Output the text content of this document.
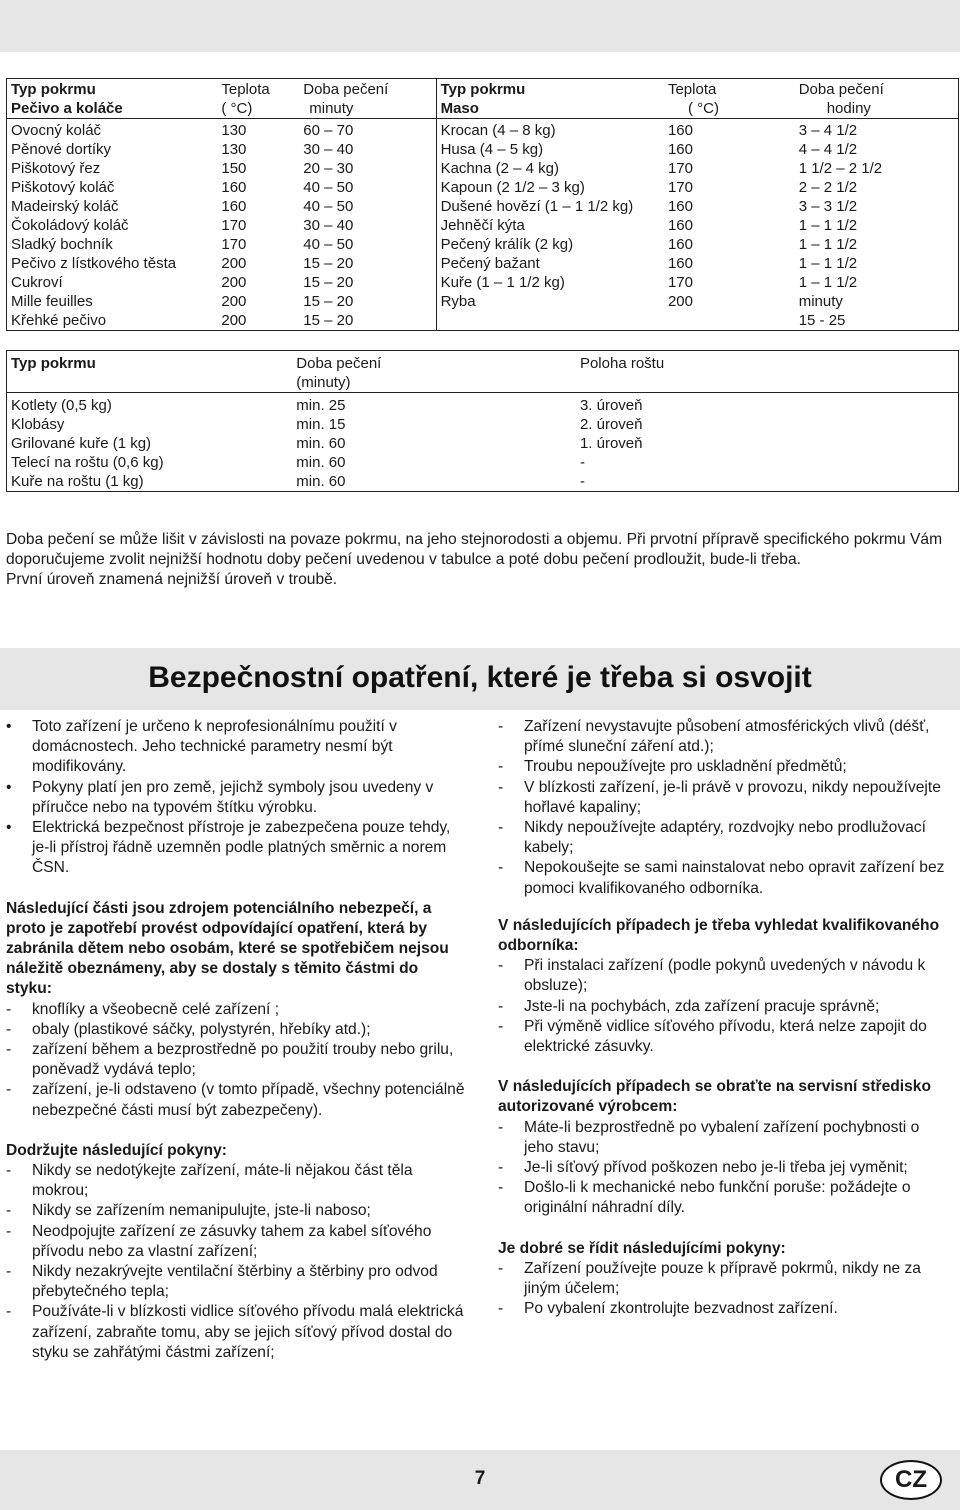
Typ pokrmu	Teplota	Doba pečení	Typ pokrmu	Teplota	Doba pečení
Pečivo a koláče	( °C)	minuty	Maso	( °C)	hodiny
Ovocný koláč	130	60 – 70	Krocan (4 – 8 kg)	160	3 – 4 1/2
Pěnové dortíky	130	30 – 40	Husa (4 – 5 kg)	160	4 – 4 1/2
Piškotový řez	150	20 – 30	Kachna (2 – 4 kg)	170	1 1/2 – 2 1/2
Piškotový koláč	160	40 – 50	Kapoun (2 1/2 – 3 kg)	170	2 – 2 1/2
Madeirský koláč	160	40 – 50	Dušené hovězí (1 – 1 1/2 kg)	160	3 – 3 1/2
Čokoládový koláč	170	30 – 40	Jehněčí kýta	160	1 – 1 1/2
Sladký bochník	170	40 – 50	Pečený králík (2 kg)	160	1 – 1 1/2
Pečivo z lístkového těsta	200	15 – 20	Pečený bažant	160	1 – 1 1/2
Cukroví	200	15 – 20	Kuře (1 – 1 1/2 kg)	170	1 – 1 1/2
Mille feuilles	200	15 – 20	Ryba	200	minuty
Křehké pečivo	200	15 – 20			15 - 25
Typ pokrmu	Doba pečení	Poloha roštu
	(minuty)	
Kotlety (0,5 kg)	min. 25	3. úroveň
Klobásy	min. 15	2. úroveň
Grilované kuře (1 kg)	min. 60	1. úroveň
Telecí na roštu (0,6 kg)	min. 60	-
Kuře na roštu (1 kg)	min. 60	-

Doba pečení se může lišit v závislosti na povaze pokrmu, na jeho stejnorodosti a objemu. Při prvotní přípravě specifického pokrmu Vám doporučujeme zvolit nejnižší hodnotu doby pečení uvedenou v tabulce a poté dobu pečení prodloužit, bude-li třeba.

První úroveň znamená nejnižší úroveň v troubě.

Bezpečnostní opatření, které je třeba si osvojit
•	Toto zařízení je určeno k neprofesionálnímu použití v domácnostech. Jeho technické parametry nesmí být modifikovány.
•	Pokyny platí jen pro země, jejichž symboly jsou uvedeny v příručce nebo na typovém štítku výrobku.
•	Elektrická bezpečnost přístroje je zabezpečena pouze tehdy, je-li přístroj řádně uzemněn podle platných směrnic a norem ČSN.

Následující části jsou zdrojem potenciálního nebezpečí, a proto je zapotřebí provést odpovídající opatření, která by zabránila dětem nebo osobám, které se spotřebičem nejsou náležitě obeznámeny, aby se dostaly s těmito částmi do styku:

-	knoflíky a všeobecně celé zařízení ;
-	obaly (plastikové sáčky, polystyrén, hřebíky atd.);
-	zařízení během a bezprostředně po použití trouby nebo grilu, poněvadž vydává teplo;
-	zařízení, je-li odstaveno (v tomto případě, všechny potenciálně nebezpečné části musí být zabezpečeny).

Dodržujte následující pokyny:

-	Nikdy se nedotýkejte zařízení, máte-li nějakou část těla mokrou;
-	Nikdy se zařízením nemanipulujte, jste-li naboso;
-	Neodpojujte zařízení ze zásuvky tahem za kabel síťového přívodu nebo za vlastní zařízení;
-	Nikdy nezakrývejte ventilační štěrbiny a štěrbiny pro odvod přebytečného tepla;
-	Používáte-li v blízkosti vidlice síťového přívodu malá elektrická zařízení, zabraňte tomu, aby se jejich síťový přívod dostal do styku se zahřátými částmi zařízení;
-	Zařízení nevystavujte působení atmosférických vlivů (déšť, přímé sluneční záření atd.);
-	Troubu nepoužívejte pro uskladnění předmětů;
-	V blízkosti zařízení, je-li právě v provozu, nikdy nepoužívejte hořlavé kapaliny;
-	Nikdy nepoužívejte adaptéry, rozdvojky nebo prodlužovací kabely;
-	Nepokoušejte se sami nainstalovat nebo opravit zařízení bez pomoci kvalifikovaného odborníka.

V následujících případech je třeba vyhledat kvalifikovaného odborníka:

-	Při instalaci zařízení (podle pokynů uvedených v návodu k obsluze);
-	Jste-li na pochybách, zda zařízení pracuje správně;
-	Při výměně vidlice síťového přívodu, která nelze zapojit do elektrické zásuvky.

V následujících případech se obraťte na servisní středisko autorizované výrobcem:

-	Máte-li bezprostředně po vybalení zařízení pochybnosti o jeho stavu;
-	Je-li síťový přívod poškozen nebo je-li třeba jej vyměnit;
-	Došlo-li k mechanické nebo funkční poruše: požádejte o originální náhradní díly.

Je dobré se řídit následujícími pokyny:

-	Zařízení používejte pouze k přípravě pokrmů, nikdy ne za jiným účelem;
-	Po vybalení zkontrolujte bezvadnost zařízení.
7	CZ
